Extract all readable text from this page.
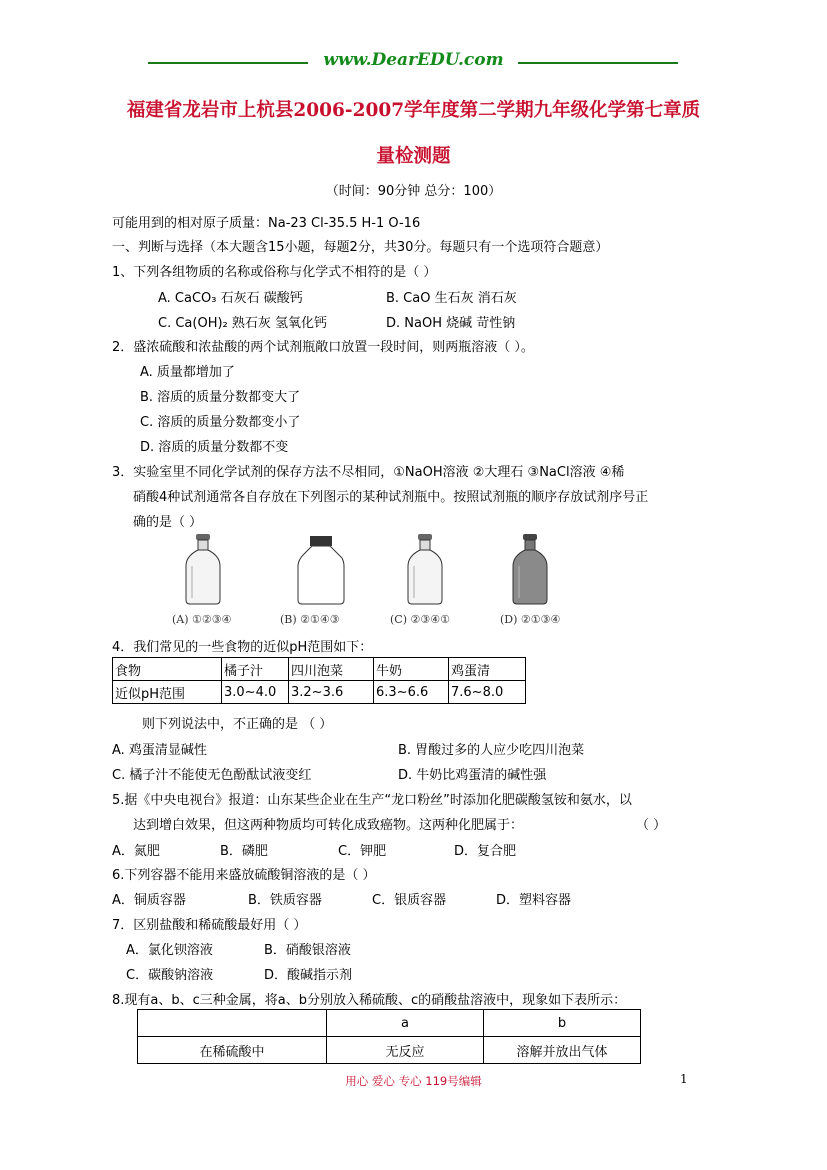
www.DearEDU.com
福建省龙岩市上杭县2006-2007学年度第二学期九年级化学第七章质
量检测题
（时间：90分钟 总分：100）
可能用到的相对原子质量：Na-23 Cl-35.5 H-1 O-16
一、判断与选择（本大题含15小题，每题2分，共30分。每题只有一个选项符合题意）
1、下列各组物质的名称或俗称与化学式不相符的是（ ）
A. CaCO₃ 石灰石 碳酸钙	B. CaO 生石灰 消石灰
C. Ca(OH)₂ 熟石灰 氢氧化钙	D. NaOH 烧碱 苛性钠
2．盛浓硫酸和浓盐酸的两个试剂瓶敞口放置一段时间，则两瓶溶液（ ）。
A. 质量都增加了
B. 溶质的质量分数都变大了
C. 溶质的质量分数都变小了
D. 溶质的质量分数都不变
3．实验室里不同化学试剂的保存方法不尽相同，①NaOH溶液 ②大理石 ③NaCl溶液 ④稀
硝酸4种试剂通常各自存放在下列图示的某种试剂瓶中。按照试剂瓶的顺序存放试剂序号正
确的是（ ）
(A) ①②③④	(B) ②①④③	(C) ②③④①	(D) ②①③④
4．我们常见的一些食物的近似pH范围如下：
食物	橘子汁	四川泡菜	牛奶	鸡蛋清
近似pH范围	3.0~4.0	3.2~3.6	6.3~6.6	7.6~8.0
则下列说法中，不正确的是 （ ）
A. 鸡蛋清显碱性	B. 胃酸过多的人应少吃四川泡菜
C. 橘子汁不能使无色酚酞试液变红	D. 牛奶比鸡蛋清的碱性强
5.据《中央电视台》报道：山东某些企业在生产“龙口粉丝”时添加化肥碳酸氢铵和氨水，以
达到增白效果，但这两种物质均可转化成致癌物。这两种化肥属于：	（ ）
A．氮肥	B．磷肥	C．钾肥	D．复合肥
6.下列容器不能用来盛放硫酸铜溶液的是（ ）
A．铜质容器	B．铁质容器	C．银质容器	D．塑料容器
7．区别盐酸和稀硫酸最好用（ ）
A．氯化钡溶液	B．硝酸银溶液
C．碳酸钠溶液	D．酸碱指示剂
8.现有a、b、c三种金属，将a、b分别放入稀硫酸、c的硝酸盐溶液中，现象如下表所示：
	a	b
在稀硫酸中	无反应	溶解并放出气体
用心 爱心 专心 119号编辑	1
